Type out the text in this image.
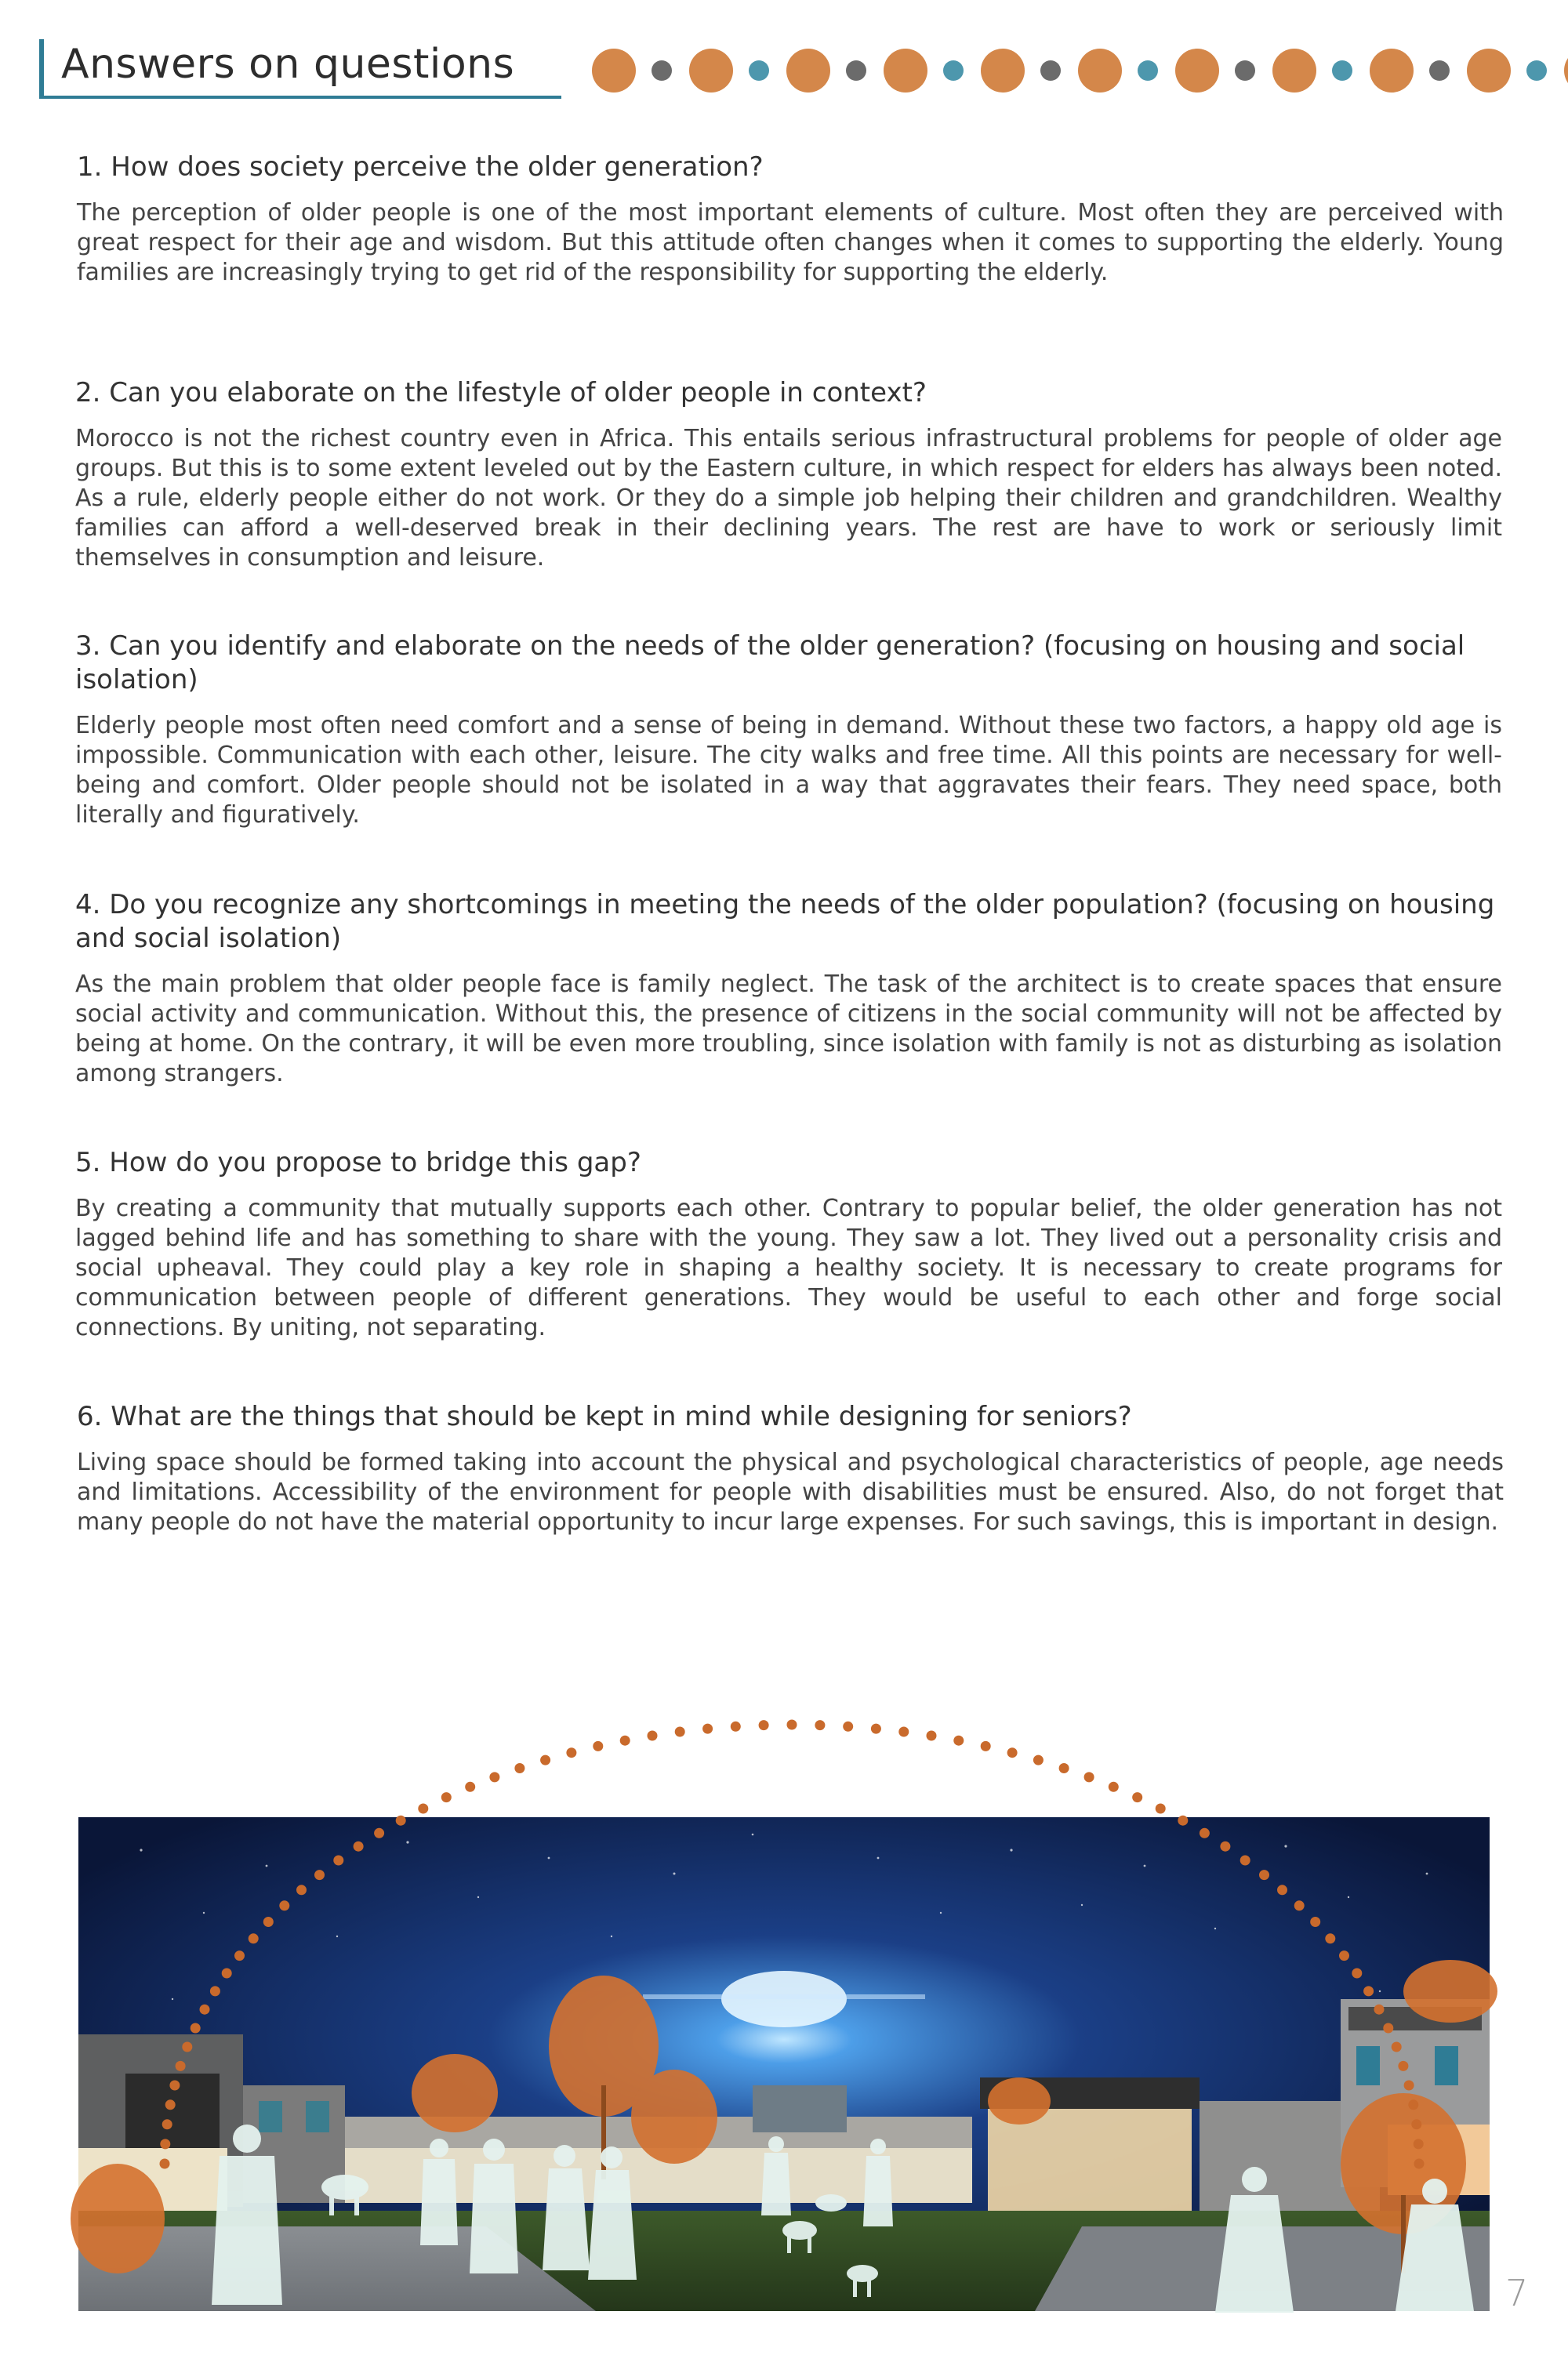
Answers on questions
1. How does society perceive the older generation?

The perception of older people is one of the most important elements of culture. Most often they are perceived with great respect for their age and wisdom. But this attitude often changes when it comes to supporting the elderly. Young families are increasingly trying to get rid of the responsibility for supporting the elderly.

2. Can you elaborate on the lifestyle of older people in context?

Morocco is not the richest country even in Africa. This entails serious infrastructural problems for people of older age groups. But this is to some extent leveled out by the Eastern culture, in which respect for elders has always been noted. As a rule, elderly people either do not work. Or they do a simple job helping their children and grandchildren. Wealthy families can afford a well-deserved break in their declining years. The rest are have to work or seriously limit themselves in consumption and leisure.

3. Can you identify and elaborate on the needs of the older generation? (focusing on housing and social isolation)

Elderly people most often need comfort and a sense of being in demand. Without these two factors, a happy old age is impossible. Communication with each other, leisure. The city walks and free time. All this points are necessary for well-being and comfort. Older people should not be isolated in a way that aggravates their fears. They need space, both literally and figuratively.

4. Do you recognize any shortcomings in meeting the needs of the older population? (focusing on housing and social isolation)

As the main problem that older people face is family neglect. The task of the architect is to create spaces that ensure social activity and communication. Without this, the presence of citizens in the social community will not be affected by being at home. On the contrary, it will be even more troubling, since isolation with family is not as disturbing as isolation among strangers.

5. How do you propose to bridge this gap?

By creating a community that mutually supports each other. Contrary to popular belief, the older generation has not lagged behind life and has something to share with the young. They saw a lot. They lived out a personality crisis and social upheaval. They could play a key role in shaping a healthy society. It is necessary to create programs for communication between people of different generations. They would be useful to each other and forge social connections. By uniting, not separating.

6. What are the things that should be kept in mind while designing for seniors?

Living space should be formed taking into account the physical and psychological characteristics of people, age needs and limitations. Accessibility of the environment for people with disabilities must be ensured. Also, do not forget that many people do not have the material opportunity to incur large expenses. For such savings, this is important in design.

7
